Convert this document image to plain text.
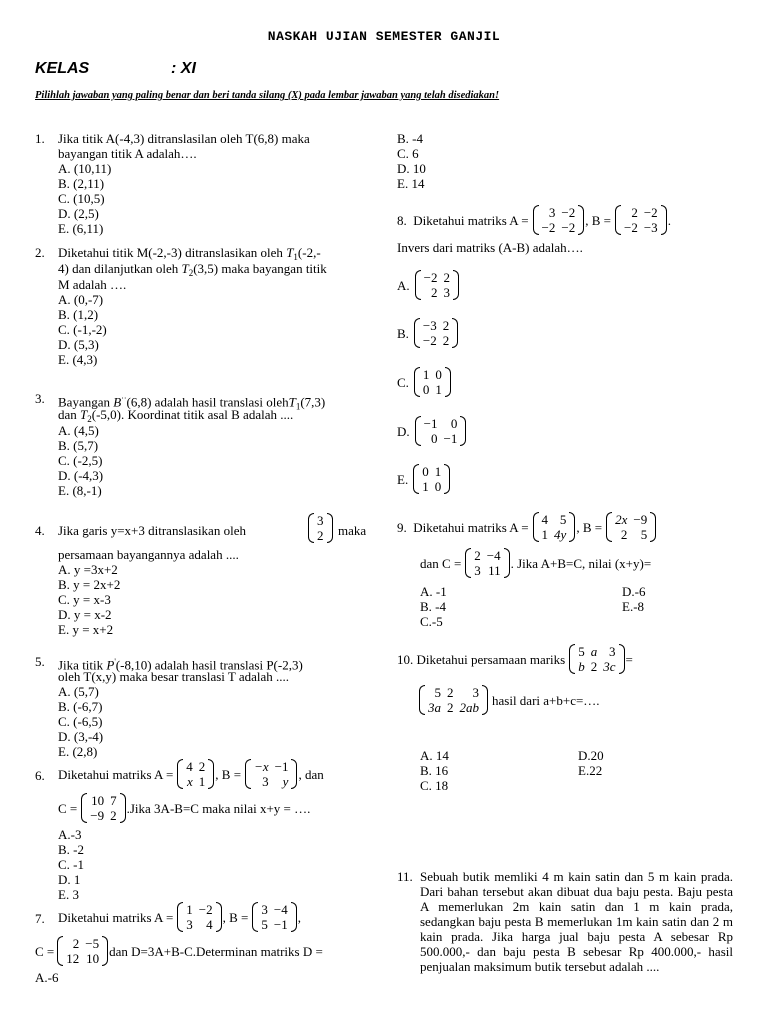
NASKAH UJIAN SEMESTER GANJIL
KELAS	: XI
Pilihlah jawaban yang paling benar dan beri tanda silang (X) pada lembar jawaban yang telah disediakan!
1. Jika titik A(-4,3) ditranslasilan oleh T(6,8) maka
bayangan titik A adalah….
A. (10,11)
B. (2,11)
C. (10,5)
D. (2,5)
E. (6,11)
2. Diketahui titik M(-2,-3) ditranslasikan oleh $T_1(-2,-$
4) dan dilanjutkan oleh $T_2(3,5)$ maka bayangan titik
M adalah ….
A. (0,-7)
B. (1,2)
C. (-1,-2)
D. (5,3)
E. (4,3)
3. Bayangan B··(6,8) adalah hasil translasi olehT$_1$(7,3)
dan $T_2(-5,0)$. Koordinat titik asal B adalah ....
A. (4,5)
B. (5,7)
C. (-2,5)
D. (-4,3)
E. (8,-1)
4. Jika garis y=x+3 ditranslasikan oleh
3
2 maka
persamaan bayangannya adalah ....
A. y =3x+2
B. y = 2x+2
C. y = x-3
D. y = x-2
E. y = x+2
5. Jika titik P'(-8,10) adalah hasil translasi P(-2,3)
oleh T(x,y) maka besar translasi T adalah ....
A. (5,7)
B. (-6,7)
C. (-6,5)
D. (3,-4)
E. (2,8)
6. Diketahui matriks A = 4	2
x	1 , B = −x	−1
3	y , dan
C = 10	7
−9	2 .Jika 3A-B=C maka nilai x+y = ….
A.-3
B. -2
C. -1
D. 1
E. 3
7. Diketahui matriks A = 1	−2
3	4 , B = 3	−4
5	−1 ,
C = 2	−5
12	10 dan D=3A+B-C.Determinan matriks D =
A.-6
B. -4
C. 6
D. 10
E. 14
8.
Diketahui matriks A = 3	−2
−2	−2 , B = 2	−2
−2	−3 .
Invers dari matriks (A-B) adalah….
A. −2	2
2	3
B. −3	2
−2	2
C. 1	0
0	1
D. −1	0
0	−1
E. 0	1
1	0
9.
Diketahui matriks A = 4	5
1	4y , B = 2x	−9
2	5
dan C = 2	−4
3	11 . Jika A+B=C, nilai (x+y)=
A. -1
B. -4
C.-5
D.-6
E.-8
10.
Diketahui persamaan mariks 5	a	3
b	2	3c =
5	2	3
3a	2	2ab hasil dari a+b+c=….
A. 14
B. 16
C. 18
D.20
E.22
11. Sebuah butik memliki 4 m kain satin dan 5 m kain prada. Dari bahan tersebut akan dibuat dua baju pesta. Baju pesta A memerlukan 2m kain satin dan 1 m kain prada, sedangkan baju pesta B memerlukan 1m kain satin dan 2 m kain prada. Jika harga jual baju pesta A sebesar Rp 500.000,- dan baju pesta B sebesar Rp 400.000,- hasil penjualan maksimum butik tersebut adalah ....
